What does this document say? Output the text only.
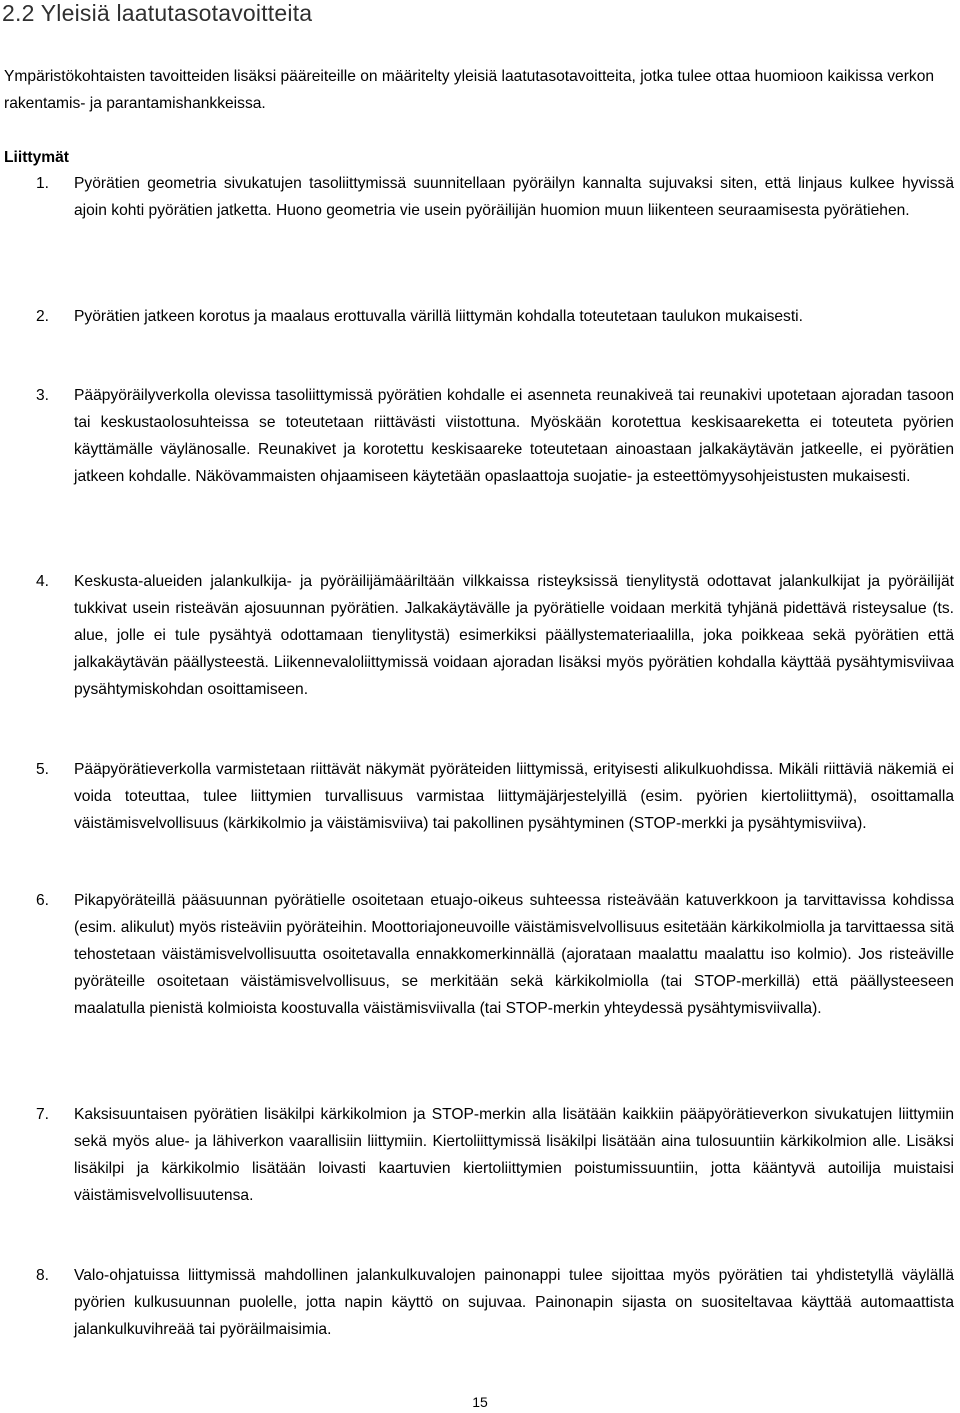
2.2 Yleisiä laatutasotavoitteita

Ympäristökohtaisten tavoitteiden lisäksi pääreiteille on määritelty yleisiä laatutasotavoitteita, jotka tulee ottaa huomioon kaikissa verkon rakentamis- ja parantamishankkeissa.

Liittymät

1. Pyörätien geometria sivukatujen tasoliittymissä suunnitellaan pyöräilyn kannalta sujuvaksi siten, että linjaus kulkee hyvissä ajoin kohti pyörätien jatketta. Huono geometria vie usein pyöräilijän huomion muun liikenteen seuraamisesta pyörätiehen.

2. Pyörätien jatkeen korotus ja maalaus erottuvalla värillä liittymän kohdalla toteutetaan taulukon mukaisesti.

3. Pääpyöräilyverkolla olevissa tasoliittymissä pyörätien kohdalle ei asenneta reunakiveä tai reunakivi upotetaan ajoradan tasoon tai keskustaolosuhteissa se toteutetaan riittävästi viistottuna. Myöskään korotettua keskisaareketta ei toteuteta pyörien käyttämälle väylänosalle. Reunakivet ja korotettu keskisaareke toteutetaan ainoastaan jalkakäytävän jatkeelle, ei pyörätien jatkeen kohdalle. Näkövammaisten ohjaamiseen käytetään opaslaattoja suojatie- ja esteettömyysohjeistusten mukaisesti.

4. Keskusta-alueiden jalankulkija- ja pyöräilijämääriltään vilkkaissa risteyksissä tienylitystä odottavat jalankulkijat ja pyöräilijät tukkivat usein risteävän ajosuunnan pyörätien. Jalkakäytävälle ja pyörätielle voidaan merkitä tyhjänä pidettävä risteysalue (ts. alue, jolle ei tule pysähtyä odottamaan tienylitystä) esimerkiksi päällystemateriaalilla, joka poikkeaa sekä pyörätien että jalkakäytävän päällysteestä. Liikennevaloliittymissä voidaan ajoradan lisäksi myös pyörätien kohdalla käyttää pysähtymisviivaa pysähtymiskohdan osoittamiseen.

5. Pääpyörätieverkolla varmistetaan riittävät näkymät pyöräteiden liittymissä, erityisesti alikulkuohdissa. Mikäli riittäviä näkemiä ei voida toteuttaa, tulee liittymien turvallisuus varmistaa liittymäjärjestelyillä (esim. pyörien kiertoliittymä), osoittamalla väistämisvelvollisuus (kärkikolmio ja väistämisviiva) tai pakollinen pysähtyminen (STOP-merkki ja pysähtymisviiva).

6. Pikapyöräteillä pääsuunnan pyörätielle osoitetaan etuajo-oikeus suhteessa risteävään katuverkkoon ja tarvittavissa kohdissa (esim. alikulut) myös risteäviin pyöräteihin. Moottoriajoneuvoille väistämisvelvollisuus esitetään kärkikolmiolla ja tarvittaessa sitä tehostetaan väistämisvelvollisuutta osoitetavalla ennakkomerkinnällä (ajorataan maalattu maalattu iso kolmio). Jos risteäville pyöräteille osoitetaan väistämisvelvollisuus, se merkitään sekä kärkikolmiolla (tai STOP-merkillä) että päällysteeseen maalatulla pienistä kolmioista koostuvalla väistämisviivalla (tai STOP-merkin yhteydessä pysähtymisviivalla).

7. Kaksisuuntaisen pyörätien lisäkilpi kärkikolmion ja STOP-merkin alla lisätään kaikkiin pääpyörätieverkon sivukatujen liittymiin sekä myös alue- ja lähiverkon vaarallisiin liittymiin. Kiertoliittymissä lisäkilpi lisätään aina tulosuuntiin kärkikolmion alle. Lisäksi lisäkilpi ja kärkikolmio lisätään loivasti kaartuvien kiertoliittymien poistumissuuntiin, jotta kääntyvä autoilija muistaisi väistämisvelvollisuutensa.

8. Valo-ohjatuissa liittymissä mahdollinen jalankulkuvalojen painonappi tulee sijoittaa myös pyörätien tai yhdistetyllä väylällä pyörien kulkusuunnan puolelle, jotta napin käyttö on sujuvaa. Painonapin sijasta on suositeltavaa käyttää automaattista jalankulkuvihreää tai pyöräilmaisimia.

15
